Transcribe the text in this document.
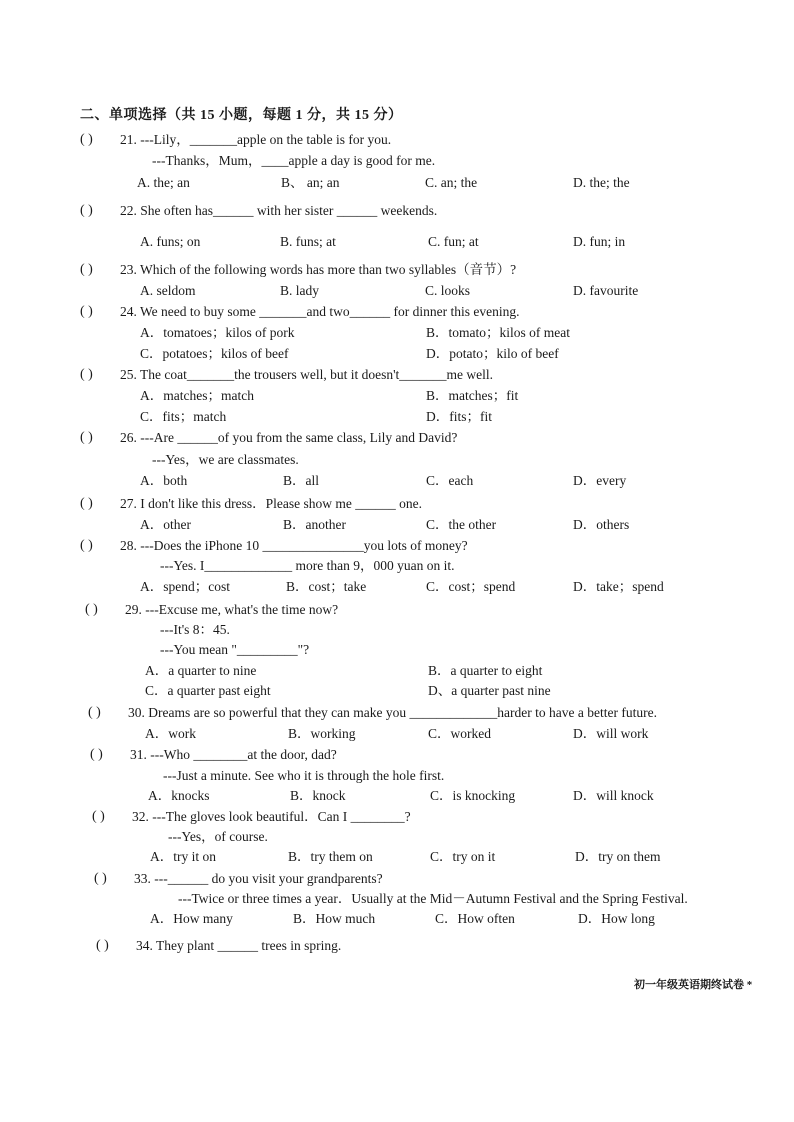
二、单项选择（共 15 小题，每题 1 分，共 15 分）
( ) 21. ---Lily，_______apple on the table is for you.
---Thanks，Mum，____apple a day is good for me.
A. the; an	B、 an; an	C. an; the	D. the; the
( ) 22. She often has______ with her sister ______ weekends.
A. funs; on	B. funs; at	C. fun; at	D. fun; in
( ) 23. Which of the following words has more than two syllables（音节）?
A. seldom	B. lady	C. looks	D. favourite
( ) 24. We need to buy some _______and two______ for dinner this evening.
A．tomatoes；kilos of pork	B．tomato；kilos of meat
C．potatoes；kilos of beef	D．potato；kilo of beef
( ) 25. The coat_______the trousers well, but it doesn't_______me well.
A．matches；match	B．matches；fit
C．fits；match	D．fits；fit
( ) 26. ---Are ______of you from the same class, Lily and David?
---Yes，we are classmates.
A．both	B．all	C．each	D．every
( ) 27. I don't like this dress．Please show me ______ one.
A．other	B．another	C．the other	D．others
( ) 28. ---Does the iPhone 10 _______________you lots of money?
---Yes. I_____________ more than 9，000 yuan on it.
A．spend；cost	B．cost；take	C．cost；spend	D．take；spend
( ) 29. ---Excuse me, what's the time now?
---It's 8：45.
---You mean "_________"?
A．a quarter to nine	B．a quarter to eight
C．a quarter past eight	D、a quarter past nine
( ) 30. Dreams are so powerful that they can make you _____________harder to have a better future.
A．work	B．working	C．worked	D．will work
( ) 31. ---Who ________at the door, dad?
---Just a minute. See who it is through the hole first.
A．knocks	B．knock	C．is knocking	D．will knock
( ) 32. ---The gloves look beautiful．Can I ________?
---Yes，of course.
A．try it on	B．try them on	C．try on it	D．try on them
( ) 33. ---______ do you visit your grandparents?
---Twice or three times a year．Usually at the Mid－Autumn Festival and the Spring Festival.
A．How many	B．How much	C．How often	D．How long
( ) 34. They plant ______ trees in spring.
初一年级英语期终试卷 *
